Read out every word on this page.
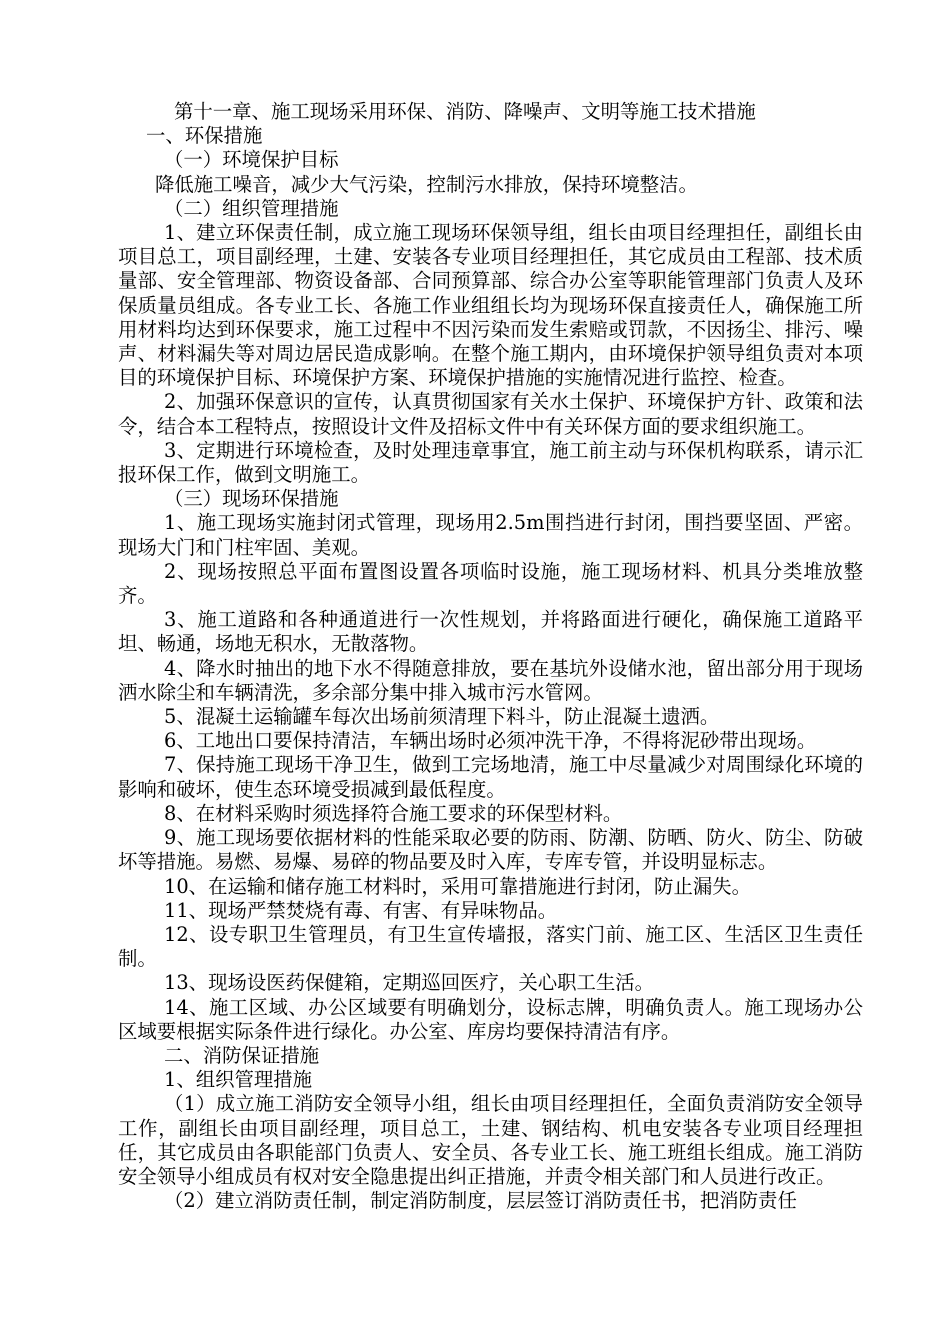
第十一章、施工现场采用环保、消防、降噪声、文明等施工技术措施

一、环保措施

（一）环境保护目标

降低施工噪音，减少大气污染，控制污水排放，保持环境整洁。

（二）组织管理措施

1、建立环保责任制，成立施工现场环保领导组，组长由项目经理担任，副组长由项目总工，项目副经理，土建、安装各专业项目经理担任，其它成员由工程部、技术质量部、安全管理部、物资设备部、合同预算部、综合办公室等职能管理部门负责人及环保质量员组成。各专业工长、各施工作业组组长均为现场环保直接责任人，确保施工所用材料均达到环保要求，施工过程中不因污染而发生索赔或罚款，不因扬尘、排污、噪声、材料漏失等对周边居民造成影响。在整个施工期内，由环境保护领导组负责对本项目的环境保护目标、环境保护方案、环境保护措施的实施情况进行监控、检查。

2、加强环保意识的宣传，认真贯彻国家有关水土保护、环境保护方针、政策和法令，结合本工程特点，按照设计文件及招标文件中有关环保方面的要求组织施工。

3、定期进行环境检查，及时处理违章事宜，施工前主动与环保机构联系，请示汇报环保工作，做到文明施工。

（三）现场环保措施

1、施工现场实施封闭式管理，现场用2.5m围挡进行封闭，围挡要坚固、严密。现场大门和门柱牢固、美观。

2、现场按照总平面布置图设置各项临时设施，施工现场材料、机具分类堆放整齐。

3、施工道路和各种通道进行一次性规划，并将路面进行硬化，确保施工道路平坦、畅通，场地无积水，无散落物。

4、降水时抽出的地下水不得随意排放，要在基坑外设储水池，留出部分用于现场洒水除尘和车辆清洗，多余部分集中排入城市污水管网。

5、混凝土运输罐车每次出场前须清理下料斗，防止混凝土遗洒。

6、工地出口要保持清洁，车辆出场时必须冲洗干净，不得将泥砂带出现场。

7、保持施工现场干净卫生，做到工完场地清，施工中尽量减少对周围绿化环境的影响和破坏，使生态环境受损减到最低程度。

8、在材料采购时须选择符合施工要求的环保型材料。

9、施工现场要依据材料的性能采取必要的防雨、防潮、防晒、防火、防尘、防破坏等措施。易燃、易爆、易碎的物品要及时入库，专库专管，并设明显标志。

10、在运输和储存施工材料时，采用可靠措施进行封闭，防止漏失。

11、现场严禁焚烧有毒、有害、有异味物品。

12、设专职卫生管理员，有卫生宣传墙报，落实门前、施工区、生活区卫生责任制。

13、现场设医药保健箱，定期巡回医疗，关心职工生活。

14、施工区域、办公区域要有明确划分，设标志牌，明确负责人。施工现场办公区域要根据实际条件进行绿化。办公室、库房均要保持清洁有序。

二、消防保证措施

1、组织管理措施

（1）成立施工消防安全领导小组，组长由项目经理担任，全面负责消防安全领导工作，副组长由项目副经理，项目总工，土建、钢结构、机电安装各专业项目经理担任，其它成员由各职能部门负责人、安全员、各专业工长、施工班组长组成。施工消防安全领导小组成员有权对安全隐患提出纠正措施，并责令相关部门和人员进行改正。

（2）建立消防责任制，制定消防制度，层层签订消防责任书，把消防责任
